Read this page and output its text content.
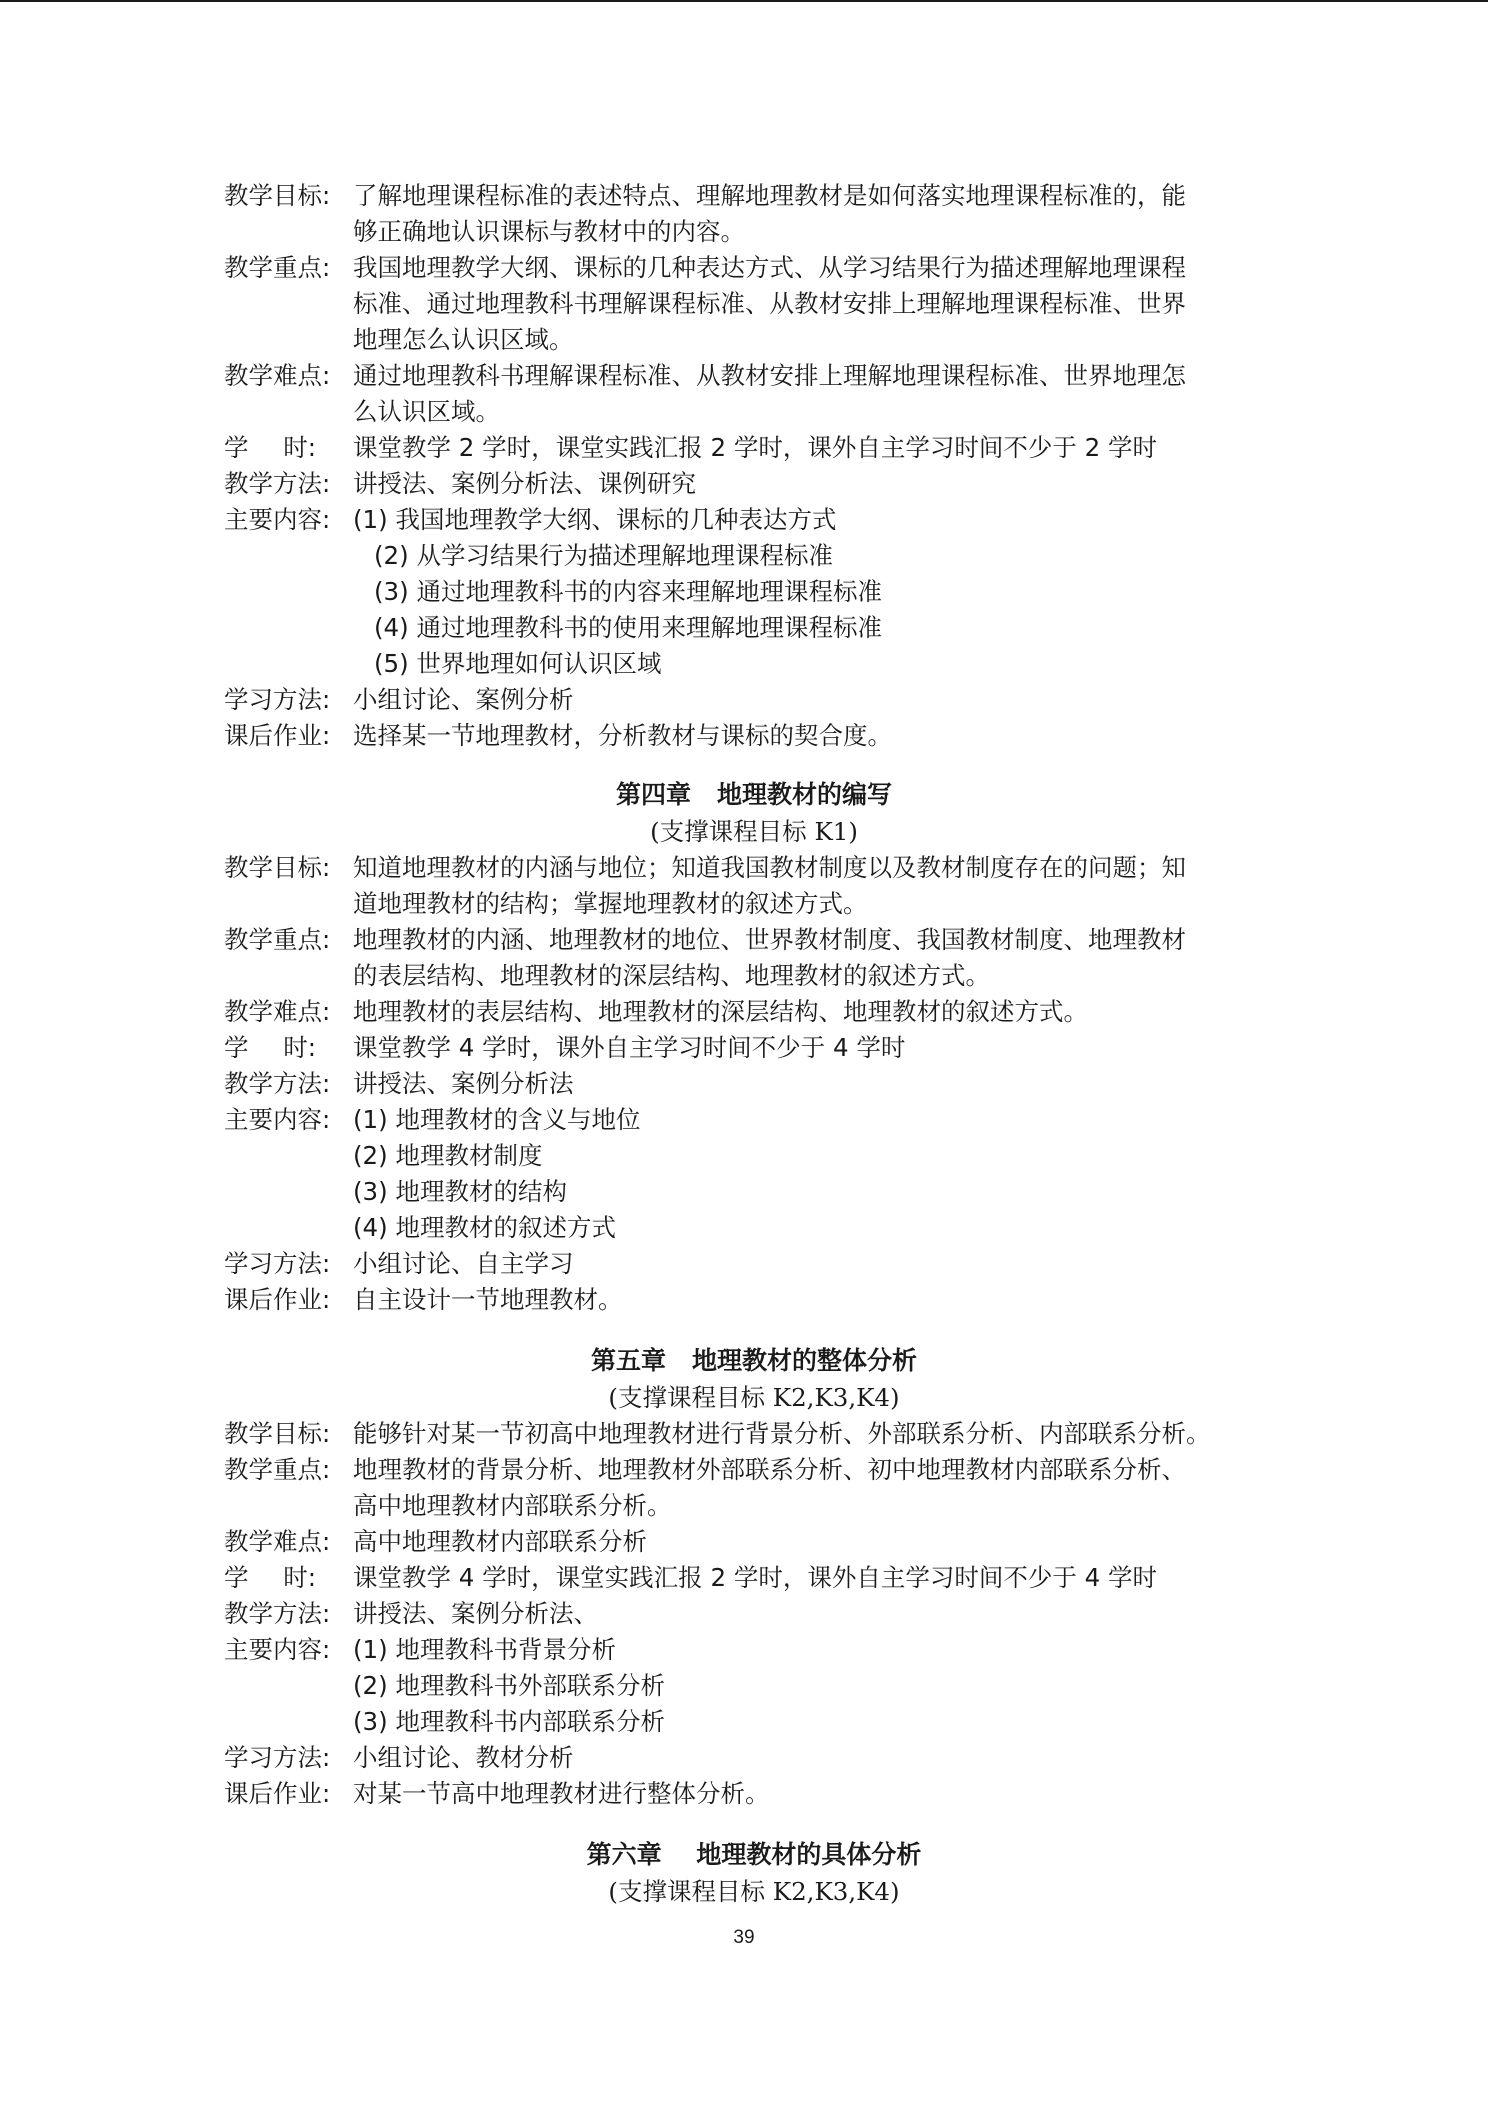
教学目标: 了解地理课程标准的表述特点、理解地理教材是如何落实地理课程标准的，能
够正确地认识课标与教材中的内容。
教学重点: 我国地理教学大纲、课标的几种表达方式、从学习结果行为描述理解地理课程
标准、通过地理教科书理解课程标准、从教材安排上理解地理课程标准、世界
地理怎么认识区域。
教学难点: 通过地理教科书理解课程标准、从教材安排上理解地理课程标准、世界地理怎
么认识区域。
学 时: 课堂教学 2 学时，课堂实践汇报 2 学时，课外自主学习时间不少于 2 学时
教学方法: 讲授法、案例分析法、课例研究
主要内容: (1) 我国地理教学大纲、课标的几种表达方式
(2) 从学习结果行为描述理解地理课程标准
(3) 通过地理教科书的内容来理解地理课程标准
(4) 通过地理教科书的使用来理解地理课程标准
(5) 世界地理如何认识区域
学习方法: 小组讨论、案例分析
课后作业: 选择某一节地理教材，分析教材与课标的契合度。
第四章   地理教材的编写
(支撑课程目标 K1)
教学目标: 知道地理教材的内涵与地位；知道我国教材制度以及教材制度存在的问题；知
道地理教材的结构；掌握地理教材的叙述方式。
教学重点: 地理教材的内涵、地理教材的地位、世界教材制度、我国教材制度、地理教材
的表层结构、地理教材的深层结构、地理教材的叙述方式。
教学难点: 地理教材的表层结构、地理教材的深层结构、地理教材的叙述方式。
学 时: 课堂教学 4 学时，课外自主学习时间不少于 4 学时
教学方法: 讲授法、案例分析法
主要内容: (1) 地理教材的含义与地位
(2) 地理教材制度
(3) 地理教材的结构
(4) 地理教材的叙述方式
学习方法: 小组讨论、自主学习
课后作业: 自主设计一节地理教材。
第五章   地理教材的整体分析
(支撑课程目标 K2,K3,K4)
教学目标: 能够针对某一节初高中地理教材进行背景分析、外部联系分析、内部联系分析。
教学重点: 地理教材的背景分析、地理教材外部联系分析、初中地理教材内部联系分析、
高中地理教材内部联系分析。
教学难点: 高中地理教材内部联系分析
学 时: 课堂教学 4 学时，课堂实践汇报 2 学时，课外自主学习时间不少于 4 学时
教学方法: 讲授法、案例分析法、
主要内容: (1) 地理教科书背景分析
(2) 地理教科书外部联系分析
(3) 地理教科书内部联系分析
学习方法: 小组讨论、教材分析
课后作业: 对某一节高中地理教材进行整体分析。
第六章    地理教材的具体分析
(支撑课程目标 K2,K3,K4)
39
